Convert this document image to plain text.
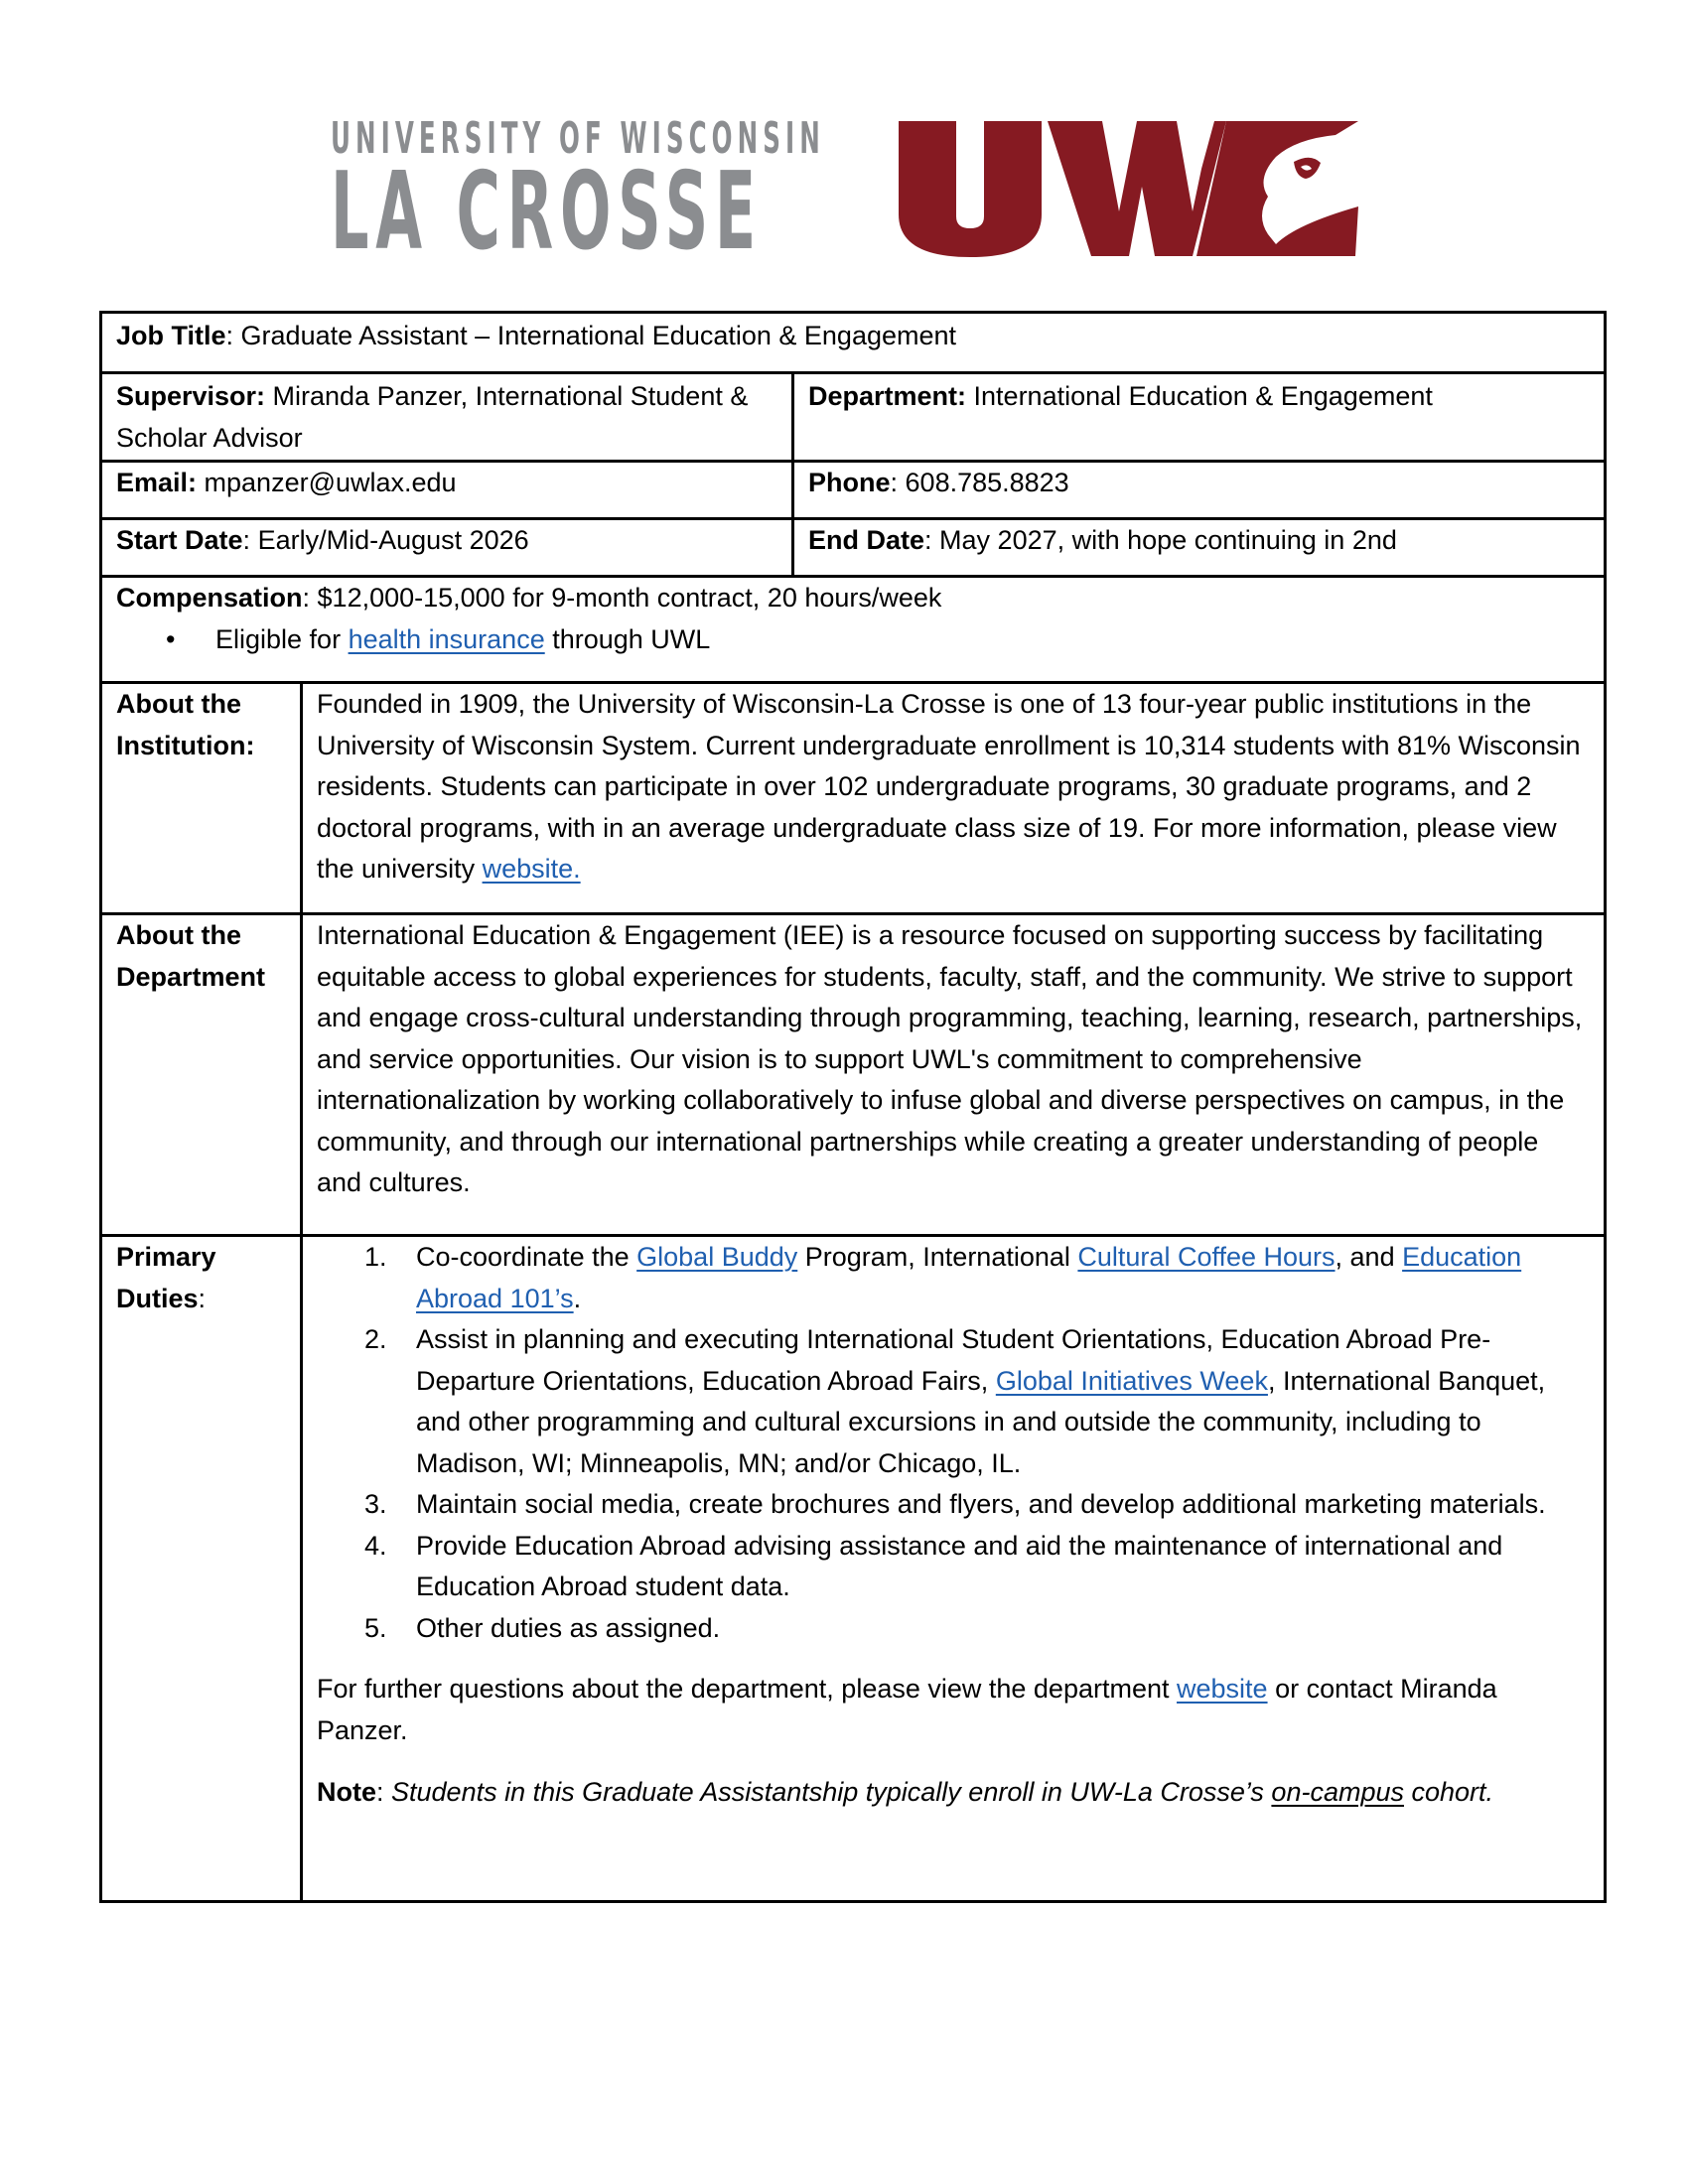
UNIVERSITY OF WISCONSIN
LA CROSSE
Job Title: Graduate Assistant – International Education & Engagement		
Supervisor: Miranda Panzer, International Student & Scholar Advisor		Department: International Education & Engagement
Email: mpanzer@uwlax.edu		Phone: 608.785.8823
Start Date: Early/Mid-August 2026		End Date: May 2027, with hope continuing in 2nd

Compensation: $12,000-15,000 for 9-month contract, 20 hours/week
• Eligible for health insurance through UWL

About the
Institution:	Founded in 1909, the University of Wisconsin-La Crosse is one of 13 four-year public institutions in the University of Wisconsin System. Current undergraduate enrollment is 10,314 students with 81% Wisconsin residents. Students can participate in over 102 undergraduate programs, 30 graduate programs, and 2 doctoral programs, with in an average undergraduate class size of 19. For more information, please view the university website.	

About the
Department	International Education & Engagement (IEE) is a resource focused on supporting success by facilitating equitable access to global experiences for students, faculty, staff, and the community. We strive to support and engage cross-cultural understanding through programming, teaching, learning, research, partnerships, and service opportunities. Our vision is to support UWL's commitment to comprehensive internationalization by working collaboratively to infuse global and diverse perspectives on campus, in the community, and through our international partnerships while creating a greater understanding of people and cultures.	

Primary
Duties:

1. Co-coordinate the Global Buddy Program, International Cultural Coffee Hours, and Education Abroad 101’s.
2. Assist in planning and executing International Student Orientations, Education Abroad Pre-Departure Orientations, Education Abroad Fairs, Global Initiatives Week, International Banquet, and other programming and cultural excursions in and outside the community, including to Madison, WI; Minneapolis, MN; and/or Chicago, IL.
3. Maintain social media, create brochures and flyers, and develop additional marketing materials.
4. Provide Education Abroad advising assistance and aid the maintenance of international and Education Abroad student data.
5. Other duties as assigned.
For further questions about the department, please view the department website or contact Miranda Panzer.
Note: Students in this Graduate Assistantship typically enroll in UW-La Crosse’s on-campus cohort.
